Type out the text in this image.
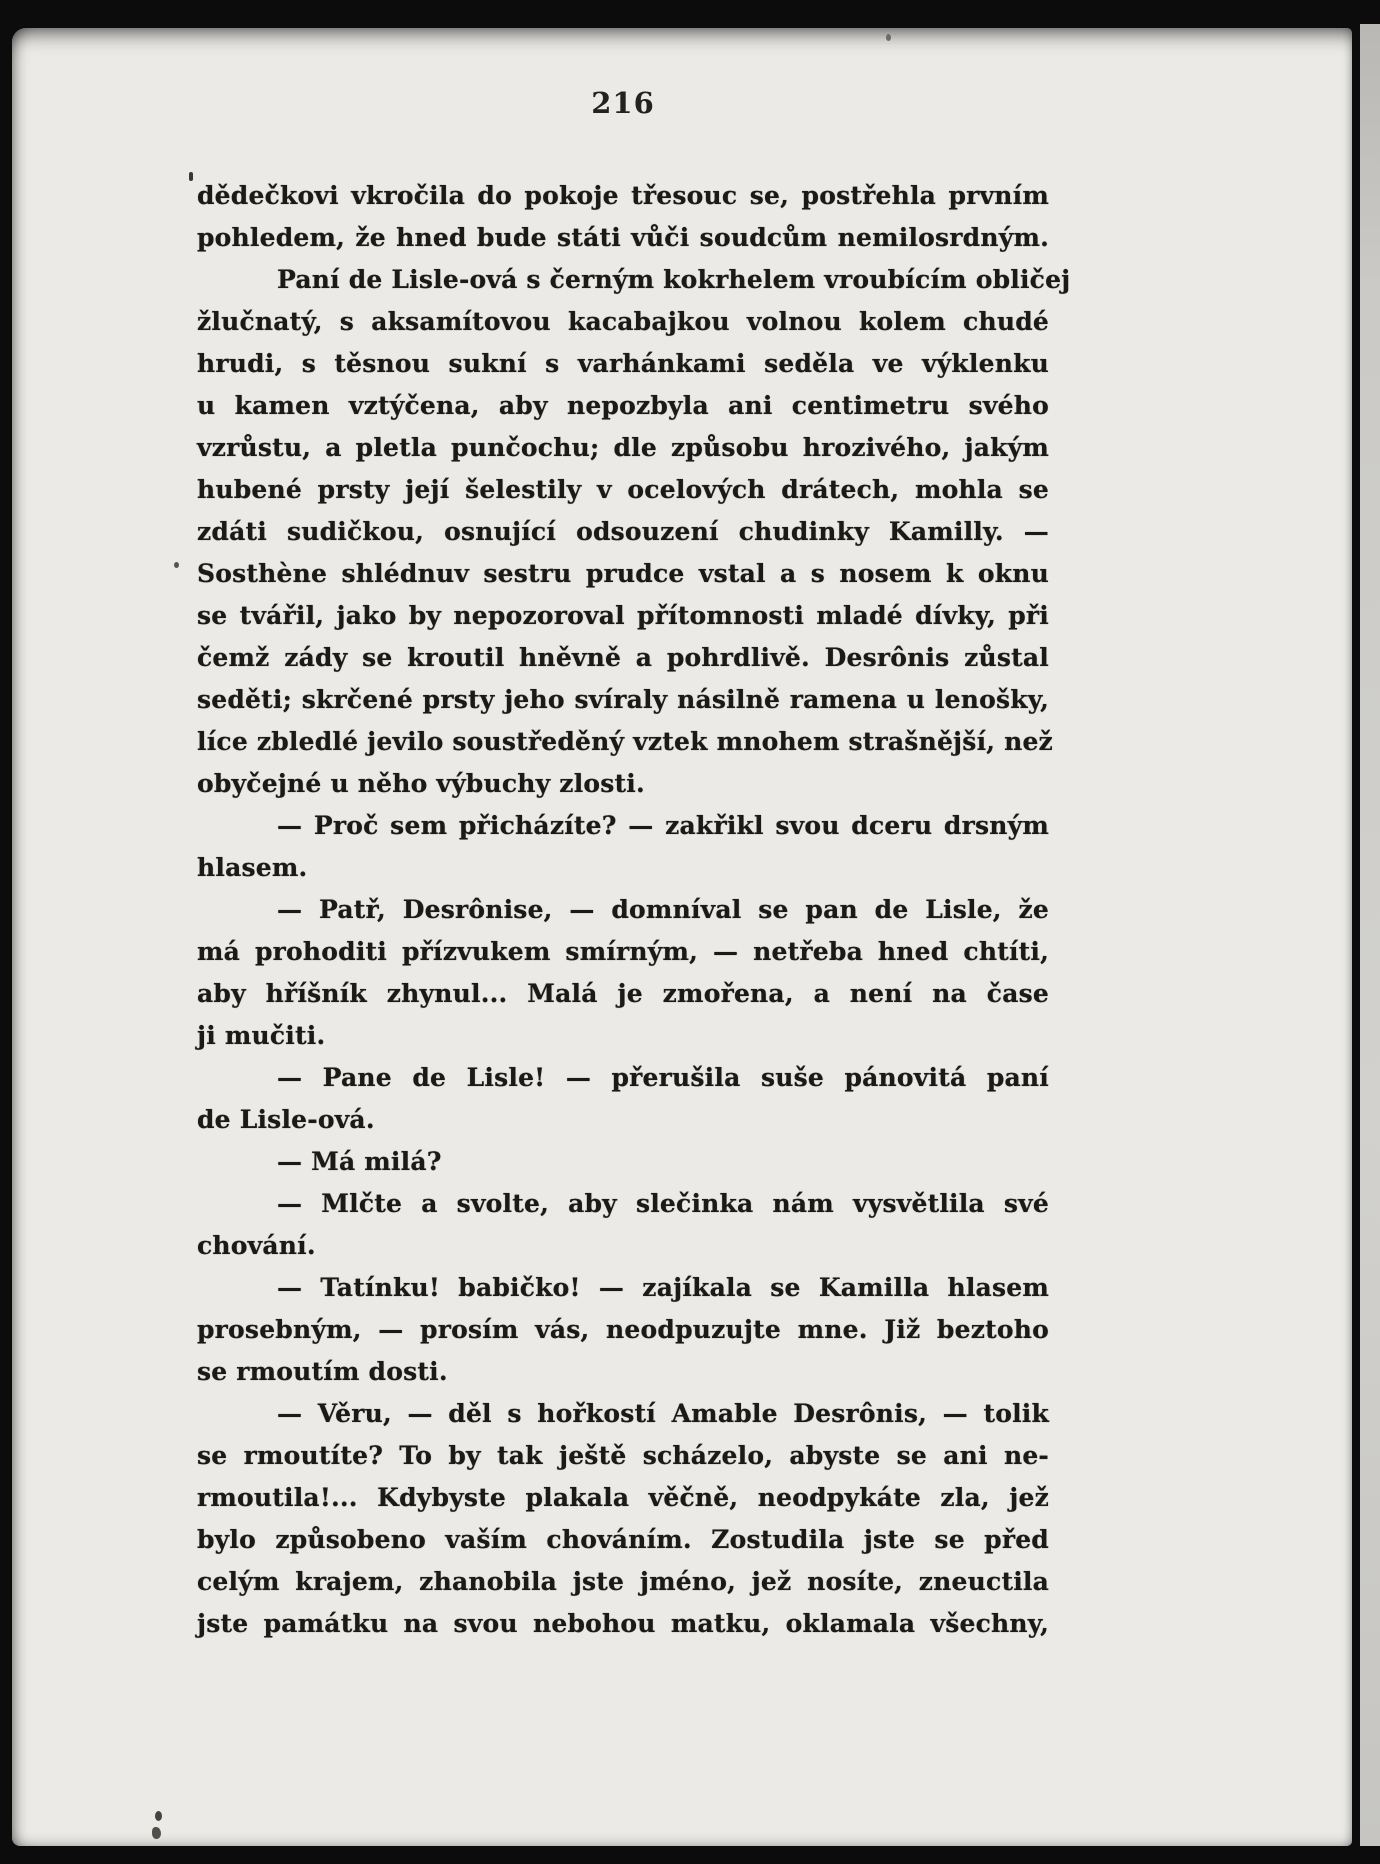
216
dědečkovi vkročila do pokoje třesouc se, postřehla prvním
pohledem, že hned bude státi vůči soudcům nemilosrdným.
Paní de Lisle-ová s černým kokrhelem vroubícím obličej
žlučnatý, s aksamítovou kacabajkou volnou kolem chudé
hrudi, s těsnou sukní s varhánkami seděla ve výklenku
u kamen vztýčena, aby nepozbyla ani centimetru svého
vzrůstu, a pletla punčochu; dle způsobu hrozivého, jakým
hubené prsty její šelestily v ocelových drátech, mohla se
zdáti sudičkou, osnující odsouzení chudinky Kamilly. —
Sosthène shlédnuv sestru prudce vstal a s nosem k oknu
se tvářil, jako by nepozoroval přítomnosti mladé dívky, při
čemž zády se kroutil hněvně a pohrdlivě. Desrônis zůstal
seděti; skrčené prsty jeho svíraly násilně ramena u lenošky,
líce zbledlé jevilo soustředěný vztek mnohem strašnější, než
obyčejné u něho výbuchy zlosti.
— Proč sem přicházíte? — zakřikl svou dceru drsným
hlasem.
— Patř, Desrônise, — domníval se pan de Lisle, že
má prohoditi přízvukem smírným, — netřeba hned chtíti,
aby hříšník zhynul... Malá je zmořena, a není na čase
ji mučiti.
— Pane de Lisle! — přerušila suše pánovitá paní
de Lisle-ová.
— Má milá?
— Mlčte a svolte, aby slečinka nám vysvětlila své
chování.
— Tatínku! babičko! — zajíkala se Kamilla hlasem
prosebným, — prosím vás, neodpuzujte mne. Již beztoho
se rmoutím dosti.
— Věru, — děl s hořkostí Amable Desrônis, — tolik
se rmoutíte? To by tak ještě scházelo, abyste se ani ne-
rmoutila!... Kdybyste plakala věčně, neodpykáte zla, jež
bylo způsobeno vaším chováním. Zostudila jste se před
celým krajem, zhanobila jste jméno, jež nosíte, zneuctila
jste památku na svou nebohou matku, oklamala všechny,
